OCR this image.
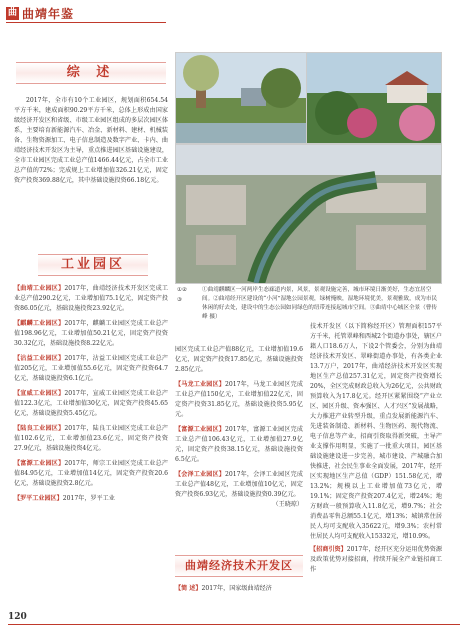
曲 曲靖年鉴
综 述
2017年，全市有10个工业园区，规划面积654.54平方千米，建成面积90.29平方千米，总体上形成由国家级经济开发区和省级、市级工业园区组成的多层次园区体系，主要培育新能源汽车、冶金、新材料、建材、机械装备、生物资源加工、电子信息制造及数字产业、卡内、曲靖经济技术开发区为主导，重点推进园区基础设施建设，全市工业园区完成工业总产值1466.44亿元，占全市工业总产值的72%；完成规上工业增加值326.21亿元，固定资产投资369.88亿元，其中基础设施投资66.18亿元。
①②
③
①曲靖麒麟区一河两岸生态廊道内景，风景，景观设施完善，城市环境日渐美好，生态宜居空间。②曲靖经开区建设的“小河”湿地公园景观，绿树掩映，湿地环境优美，景观雅致，成为市民休闲的好去处，建设中的生态公园如同绿色的纽带连接起城市空间。③曲靖中心城区全景（曹传峰 摄）
工业园区
【曲靖工业园区】2017年，曲靖经济技术开发区完成工业总产值290.2亿元，工业增加值75.1亿元，固定资产投资86.05亿元，基础设施投资23.92亿元。
【麒麟工业园区】2017年，麒麟工业园区完成工业总产值198.96亿元，工业增加值50.21亿元，固定资产投资30.32亿元，基础设施投资8.22亿元。
【沾益工业园区】2017年，沾益工业园区完成工业总产值205亿元，工业增加值55.6亿元，固定资产投资64.7亿元，基础设施投资6.1亿元。
【宣威工业园区】2017年，宣威工业园区完成工业总产值122.3亿元，工业增加值30亿元，固定资产投资45.65亿元，基础设施投资5.45亿元。
【陆良工业园区】2017年，陆良工业园区完成工业总产值102.6亿元，工业增加值23.6亿元，固定资产投资27.9亿元，基础设施投资4亿元。
【富源工业园区】2017年，师宗工业园区完成工业总产值84.95亿元，工业增加值14亿元，固定资产投资20.6亿元，基础设施投资2.8亿元。
【罗平工业园区】2017年，罗平工业
园区完成工业总产值88亿元，工业增加值19.6亿元，固定资产投资17.85亿元，基础设施投资2.85亿元。
【马龙工业园区】2017年，马龙工业园区完成工业总产值150亿元，工业增加值22亿元，固定资产投资31.85亿元，基础设施投资5.95亿元。
【富源工业园区】2017年，富源工业园区完成工业总产值106.43亿元，工业增加值27.9亿元，固定资产投资38.15亿元，基础设施投资6.5亿元。
【会泽工业园区】2017年，会泽工业园区完成工业总产值48亿元，工业增加值10亿元，固定资产投资6.93亿元，基础设施投资0.39亿元。
（王晓琼）
曲靖经济技术开发区
【简 述】2017年，国家级曲靖经济
技术开发区（以下简称经开区）管理面积157平方千米，托管翠峰和西城2个街道办事处，辖区户籍人口18.6万人，下设2个管委会，分别为曲靖经济技术开发区、翠峰街道办事处，有各类企业13.7万户，2017年，曲靖经济技术开发区实现地区生产总值257.31亿元，固定资产投资增长20%，全区完成财政总收入为26亿元，公共财政预算收入为17.8亿元。经开区紧紧围绕“产业立区、园区升级、资本强区、人才兴区”发展战略，大力推进产业转型升级，重点发展新能源汽车、先进装备制造、新材料、生物医药、现代物流、电子信息等产业，招商引资取得新突破，主导产业支撑作用明显，实施了一批重大项目，园区基础设施建设进一步完善，城市建设、产城融合加快推进，社会民生事业全面发展，2017年，经开区实现地区生产总值（GDP）151.58亿元，增13.2%；规模以上工业增加值73亿元，增19.1%；固定资产投资207.4亿元，增24%；地方财政一般预算收入11.8亿元，增9.7%；社会消费品零售总额55.1亿元，增13%；城镇常住居民人均可支配收入35622元，增9.3%；农村常住居民人均可支配收入15332元，增10.9%。
【招商引资】2017年，经开区充分运用优势资源及政策优势对接招商，持续开展全产业链招商工作
120
